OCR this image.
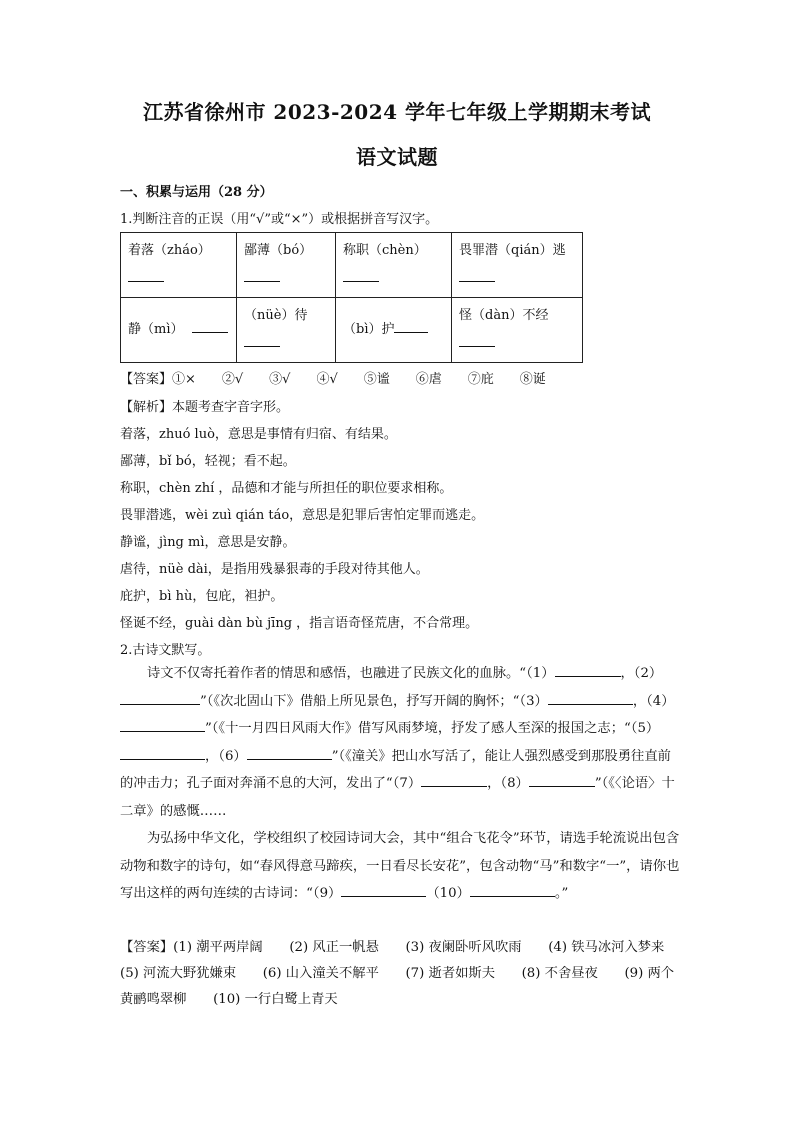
江苏省徐州市 2023-2024 学年七年级上学期期末考试
语文试题
一、积累与运用（28 分）
1.判断注音的正误（用“√”或“×”）或根据拼音写汉字。
着落（zháo）	鄙薄（bó）	称职（chèn）	畏罪潜（qián）逃

静（mì）	（nüè）待	（bì）护	怪（dàn）不经

【答案】①×　　②√　　③√　　④√　　⑤谧　　⑥虐　　⑦庇　　⑧诞
【解析】本题考查字音字形。
着落，zhuó luò，意思是事情有归宿、有结果。
鄙薄，bǐ bó，轻视；看不起。
称职，chèn zhí ，品德和才能与所担任的职位要求相称。
畏罪潜逃，wèi zuì qián táo，意思是犯罪后害怕定罪而逃走。
静谧，jìng mì，意思是安静。
虐待，nüè dài，是指用残暴狠毒的手段对待其他人。
庇护，bì hù，包庇，袒护。
怪诞不经，guài dàn bù jīng ，指言语奇怪荒唐，不合常理。
2.古诗文默写。
诗文不仅寄托着作者的情思和感悟，也融进了民族文化的血脉。“（1）	，（2）”（《次北固山下》借船上所见景色，抒写开阔的胸怀；“（3）	，（4）”（《十一月四日风雨大作》借写风雨梦境，抒发了感人至深的报国之志；“（5），（6）	”（《潼关》把山水写活了，能让人强烈感受到那股勇往直前的冲击力；孔子面对奔涌不息的大河，发出了“（7）	，（8）	”（《〈论语〉十二章》的感慨……
为弘扬中华文化，学校组织了校园诗词大会，其中“组合飞花令”环节，请选手轮流说出包含动物和数字的诗句，如“春风得意马蹄疾，一日看尽长安花”，包含动物“马”和数字“一”，请你也写出这样的两句连续的古诗词：“（9）	（10）	。”
【答案】(1) 潮平两岸阔　　(2) 风正一帆悬　　(3) 夜阑卧听风吹雨　　(4) 铁马冰河入梦来　　(5) 河流大野犹嫌束　　(6) 山入潼关不解平　　(7) 逝者如斯夫　　(8) 不舍昼夜　　(9) 两个黄鹂鸣翠柳　　(10) 一行白鹭上青天
